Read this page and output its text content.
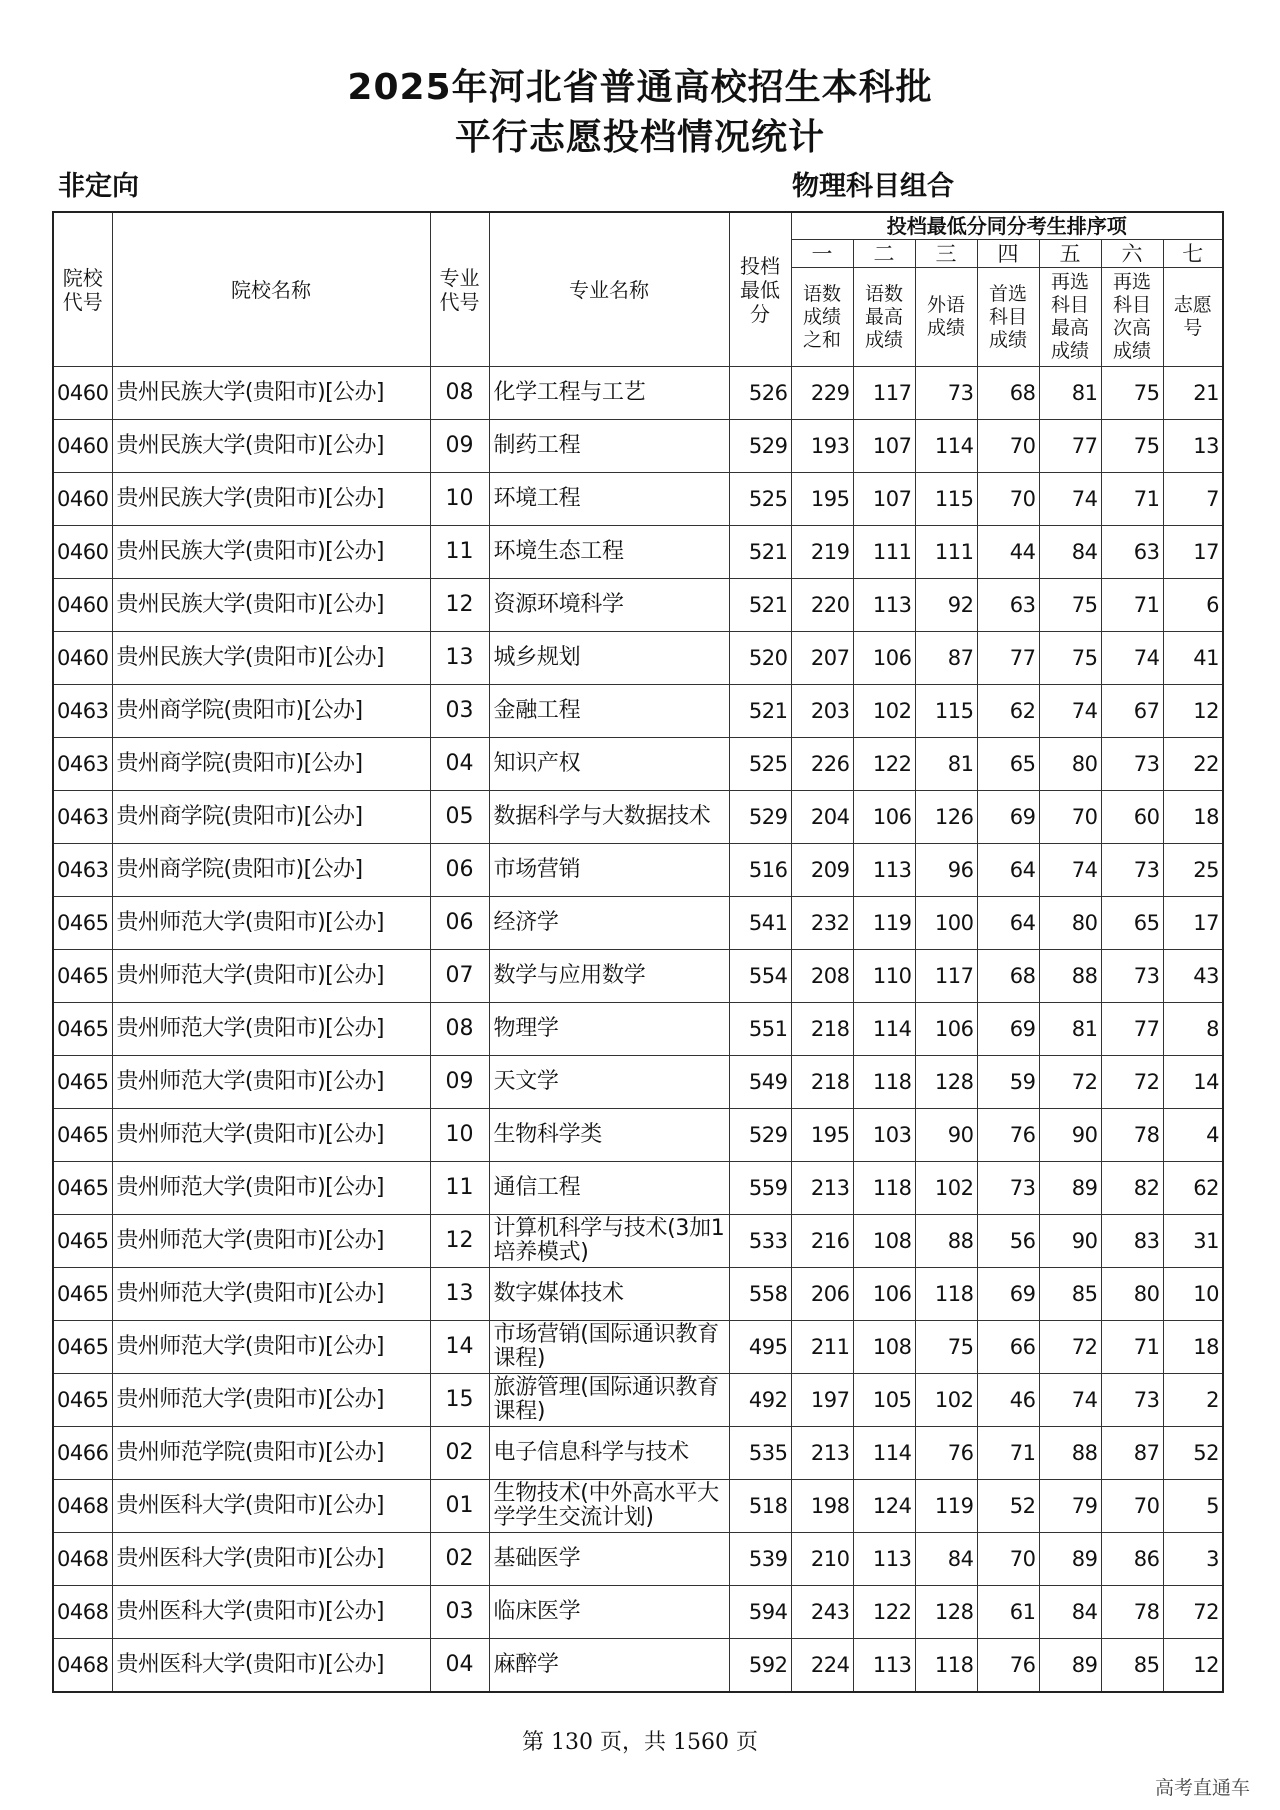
2025年河北省普通高校招生本科批
平行志愿投档情况统计
非定向	物理科目组合
院校代号	院校名称	专业代号	专业名称	投档最低分	投档最低分同分考生排序项						
					一	二	三	四	五	六	七
					语数成绩之和	语数最高成绩	外语成绩	首选科目成绩	再选科目最高成绩	再选科目次高成绩	志愿号
0460	贵州民族大学(贵阳市)[公办]	08	化学工程与工艺	526	229	117	73	68	81	75	21
0460	贵州民族大学(贵阳市)[公办]	09	制药工程	529	193	107	114	70	77	75	13
0460	贵州民族大学(贵阳市)[公办]	10	环境工程	525	195	107	115	70	74	71	7
0460	贵州民族大学(贵阳市)[公办]	11	环境生态工程	521	219	111	111	44	84	63	17
0460	贵州民族大学(贵阳市)[公办]	12	资源环境科学	521	220	113	92	63	75	71	6
0460	贵州民族大学(贵阳市)[公办]	13	城乡规划	520	207	106	87	77	75	74	41
0463	贵州商学院(贵阳市)[公办]	03	金融工程	521	203	102	115	62	74	67	12
0463	贵州商学院(贵阳市)[公办]	04	知识产权	525	226	122	81	65	80	73	22
0463	贵州商学院(贵阳市)[公办]	05	数据科学与大数据技术	529	204	106	126	69	70	60	18
0463	贵州商学院(贵阳市)[公办]	06	市场营销	516	209	113	96	64	74	73	25
0465	贵州师范大学(贵阳市)[公办]	06	经济学	541	232	119	100	64	80	65	17
0465	贵州师范大学(贵阳市)[公办]	07	数学与应用数学	554	208	110	117	68	88	73	43
0465	贵州师范大学(贵阳市)[公办]	08	物理学	551	218	114	106	69	81	77	8
0465	贵州师范大学(贵阳市)[公办]	09	天文学	549	218	118	128	59	72	72	14
0465	贵州师范大学(贵阳市)[公办]	10	生物科学类	529	195	103	90	76	90	78	4
0465	贵州师范大学(贵阳市)[公办]	11	通信工程	559	213	118	102	73	89	82	62
0465	贵州师范大学(贵阳市)[公办]	12	计算机科学与技术(3加1培养模式)	533	216	108	88	56	90	83	31
0465	贵州师范大学(贵阳市)[公办]	13	数字媒体技术	558	206	106	118	69	85	80	10
0465	贵州师范大学(贵阳市)[公办]	14	市场营销(国际通识教育课程)	495	211	108	75	66	72	71	18
0465	贵州师范大学(贵阳市)[公办]	15	旅游管理(国际通识教育课程)	492	197	105	102	46	74	73	2
0466	贵州师范学院(贵阳市)[公办]	02	电子信息科学与技术	535	213	114	76	71	88	87	52
0468	贵州医科大学(贵阳市)[公办]	01	生物技术(中外高水平大学学生交流计划)	518	198	124	119	52	79	70	5
0468	贵州医科大学(贵阳市)[公办]	02	基础医学	539	210	113	84	70	89	86	3
0468	贵州医科大学(贵阳市)[公办]	03	临床医学	594	243	122	128	61	84	78	72
0468	贵州医科大学(贵阳市)[公办]	04	麻醉学	592	224	113	118	76	89	85	12
第 130 页，共 1560 页
高考直通车
